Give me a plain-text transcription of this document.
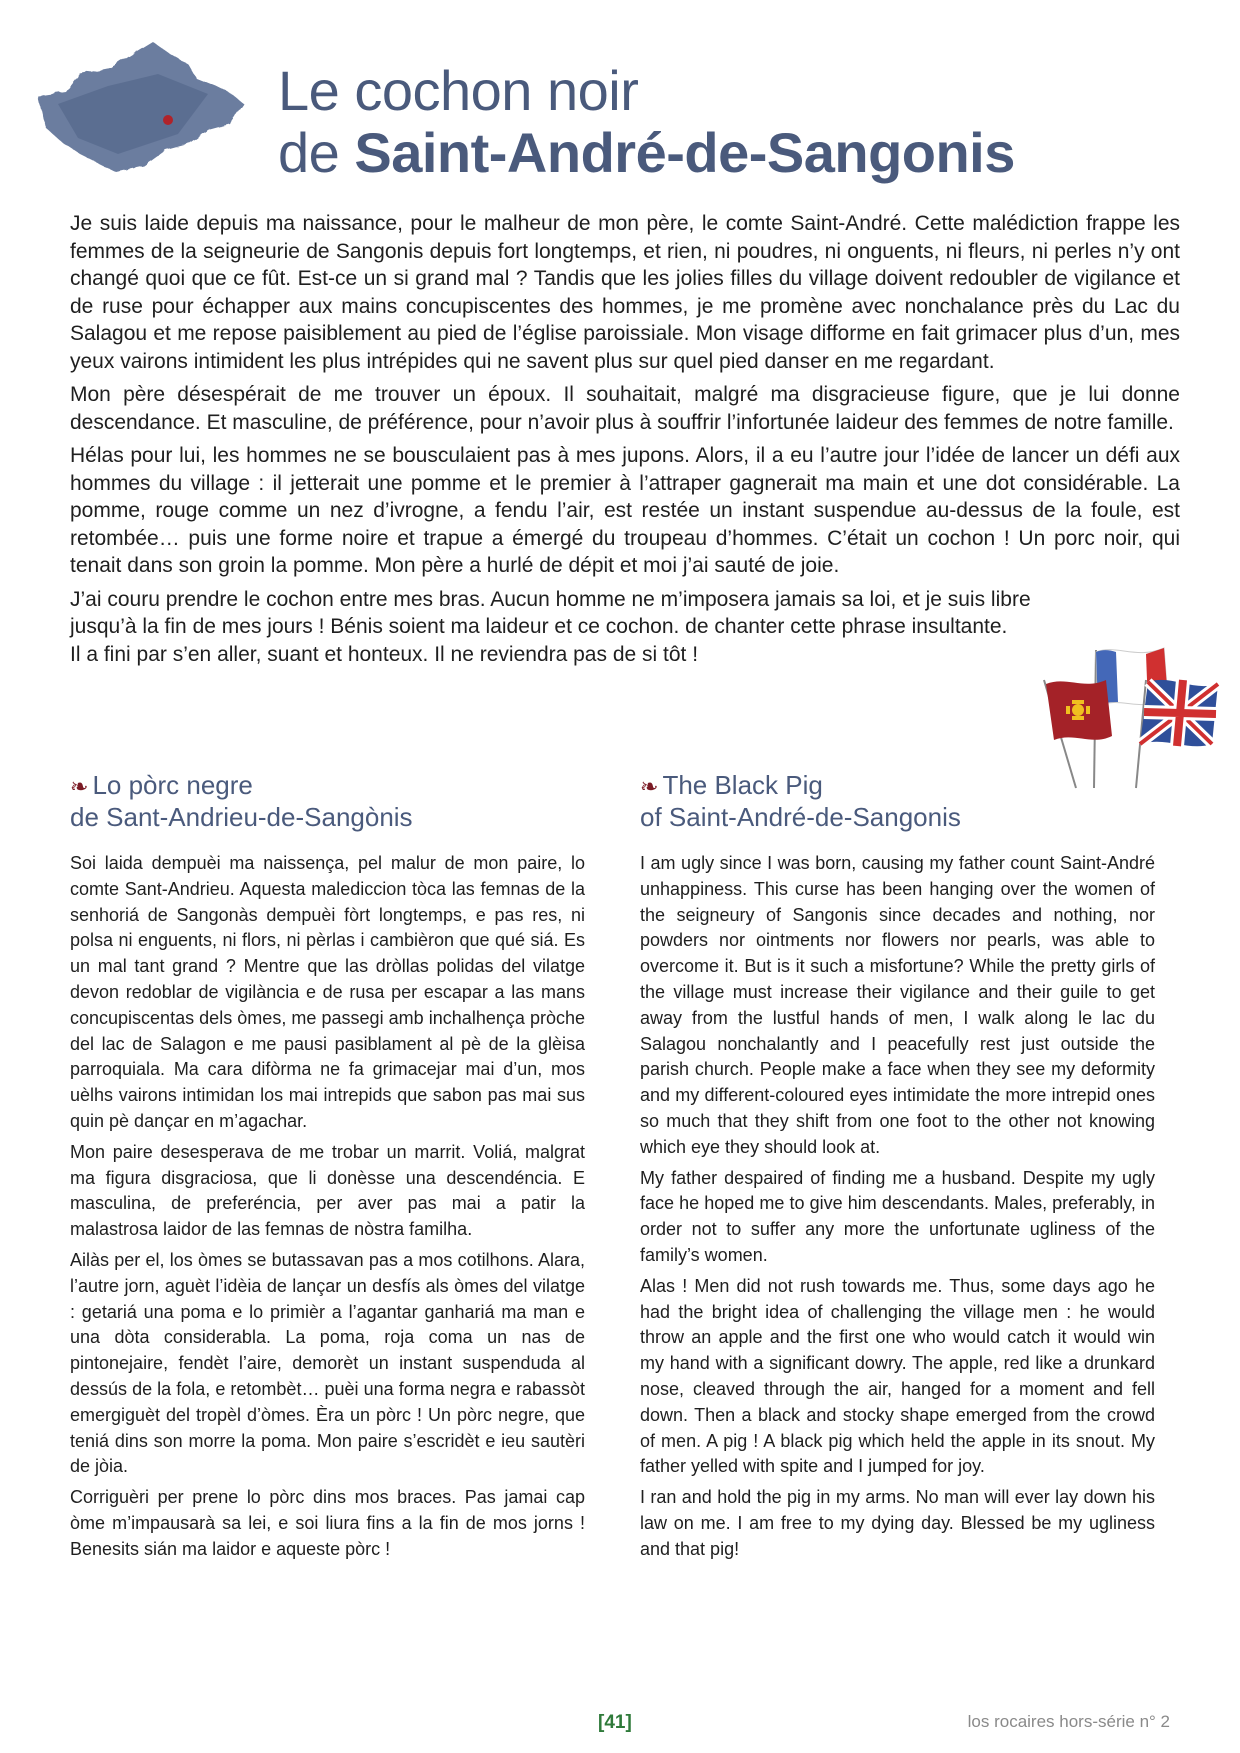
Le cochon noir
de Saint-André-de-Sangonis

Je suis laide depuis ma naissance, pour le malheur de mon père, le comte Saint-André. Cette malédiction frappe les femmes de la seigneurie de Sangonis depuis fort longtemps, et rien, ni poudres, ni onguents, ni fleurs, ni perles n’y ont changé quoi que ce fût. Est-ce un si grand mal ? Tandis que les jolies filles du village doivent redoubler de vigilance et de ruse pour échapper aux mains concupiscentes des hommes, je me promène avec nonchalance près du Lac du Salagou et me repose paisiblement au pied de l’église paroissiale. Mon visage difforme en fait grimacer plus d’un, mes yeux vairons intimident les plus intrépides qui ne savent plus sur quel pied danser en me regardant.

Mon père désespérait de me trouver un époux. Il souhaitait, malgré ma disgracieuse figure, que je lui donne descendance. Et masculine, de préférence, pour n’avoir plus à souffrir l’infortunée laideur des femmes de notre famille.

Hélas pour lui, les hommes ne se bousculaient pas à mes jupons. Alors, il a eu l’autre jour l’idée de lancer un défi aux hommes du village : il jetterait une pomme et le premier à l’attraper gagnerait ma main et une dot considérable. La pomme, rouge comme un nez d’ivrogne, a fendu l’air, est restée un instant suspendue au-dessus de la foule, est retombée… puis une forme noire et trapue a émergé du troupeau d’hommes. C’était un cochon ! Un porc noir, qui tenait dans son groin la pomme. Mon père a hurlé de dépit et moi j’ai sauté de joie.

J’ai couru prendre le cochon entre mes bras. Aucun homme ne m’imposera jamais sa loi, et je suis libre
jusqu’à la fin de mes jours ! Bénis soient ma laideur et ce cochon. de chanter cette phrase insultante.
Il a fini par s’en aller, suant et honteux. Il ne reviendra pas de si tôt !

❧ Lo pòrc negre
de Sant-Andrieu-de-Sangònis

Soi laida dempuèi ma naissença, pel malur de mon paire, lo comte Sant-Andrieu. Aquesta malediccion tòca las femnas de la senhoriá de Sangonàs dempuèi fòrt longtemps, e pas res, ni polsa ni enguents, ni flors, ni pèrlas i cambièron que qué siá. Es un mal tant grand ? Mentre que las dròllas polidas del vilatge devon redoblar de vigilància e de rusa per escapar a las mans concupiscentas dels òmes, me passegi amb inchalhença pròche del lac de Salagon e me pausi pasiblament al pè de la glèisa parroquiala. Ma cara difòrma ne fa grimacejar mai d’un, mos uèlhs vairons intimidan los mai intrepids que sabon pas mai sus quin pè dançar en m’agachar.

Mon paire desesperava de me trobar un marrit. Voliá, malgrat ma figura disgraciosa, que li donèsse una descendéncia. E masculina, de preferéncia, per aver pas mai a patir la malastrosa laidor de las femnas de nòstra familha.

Ailàs per el, los òmes se butassavan pas a mos cotilhons. Alara, l’autre jorn, aguèt l’idèia de lançar un desfís als òmes del vilatge : getariá una poma e lo primièr a l’agantar ganhariá ma man e una dòta considerabla. La poma, roja coma un nas de pintonejaire, fendèt l’aire, demorèt un instant suspenduda al dessús de la fola, e retombèt… puèi una forma negra e rabassòt emergiguèt del tropèl d’òmes. Èra un pòrc ! Un pòrc negre, que teniá dins son morre la poma. Mon paire s’escridèt e ieu sautèri de jòia.

Corriguèri per prene lo pòrc dins mos braces. Pas jamai cap òme m’impausarà sa lei, e soi liura fins a la fin de mos jorns ! Benesits sián ma laidor e aqueste pòrc !

❧ The Black Pig
of Saint-André-de-Sangonis

I am ugly since I was born, causing my father count Saint-André unhappiness. This curse has been hanging over the women of the seigneury of Sangonis since decades and nothing, nor powders nor ointments nor flowers nor pearls, was able to overcome it. But is it such a misfortune? While the pretty girls of the village must increase their vigilance and their guile to get away from the lustful hands of men, I walk along le lac du Salagou nonchalantly and I peacefully rest just outside the parish church. People make a face when they see my deformity and my different-coloured eyes intimidate the more intrepid ones so much that they shift from one foot to the other not knowing which eye they should look at.

My father despaired of finding me a husband. Despite my ugly face he hoped me to give him descendants. Males, preferably, in order not to suffer any more the unfortunate ugliness of the family’s women.

Alas ! Men did not rush towards me. Thus, some days ago he had the bright idea of challenging the village men : he would throw an apple and the first one who would catch it would win my hand with a significant dowry. The apple, red like a drunkard nose, cleaved through the air, hanged for a moment and fell down. Then a black and stocky shape emerged from the crowd of men. A pig ! A black pig which held the apple in its snout. My father yelled with spite and I jumped for joy.

I ran and hold the pig in my arms. No man will ever lay down his law on me. I am free to my dying day. Blessed be my ugliness and that pig!

[41]	los rocaires hors-série n° 2
